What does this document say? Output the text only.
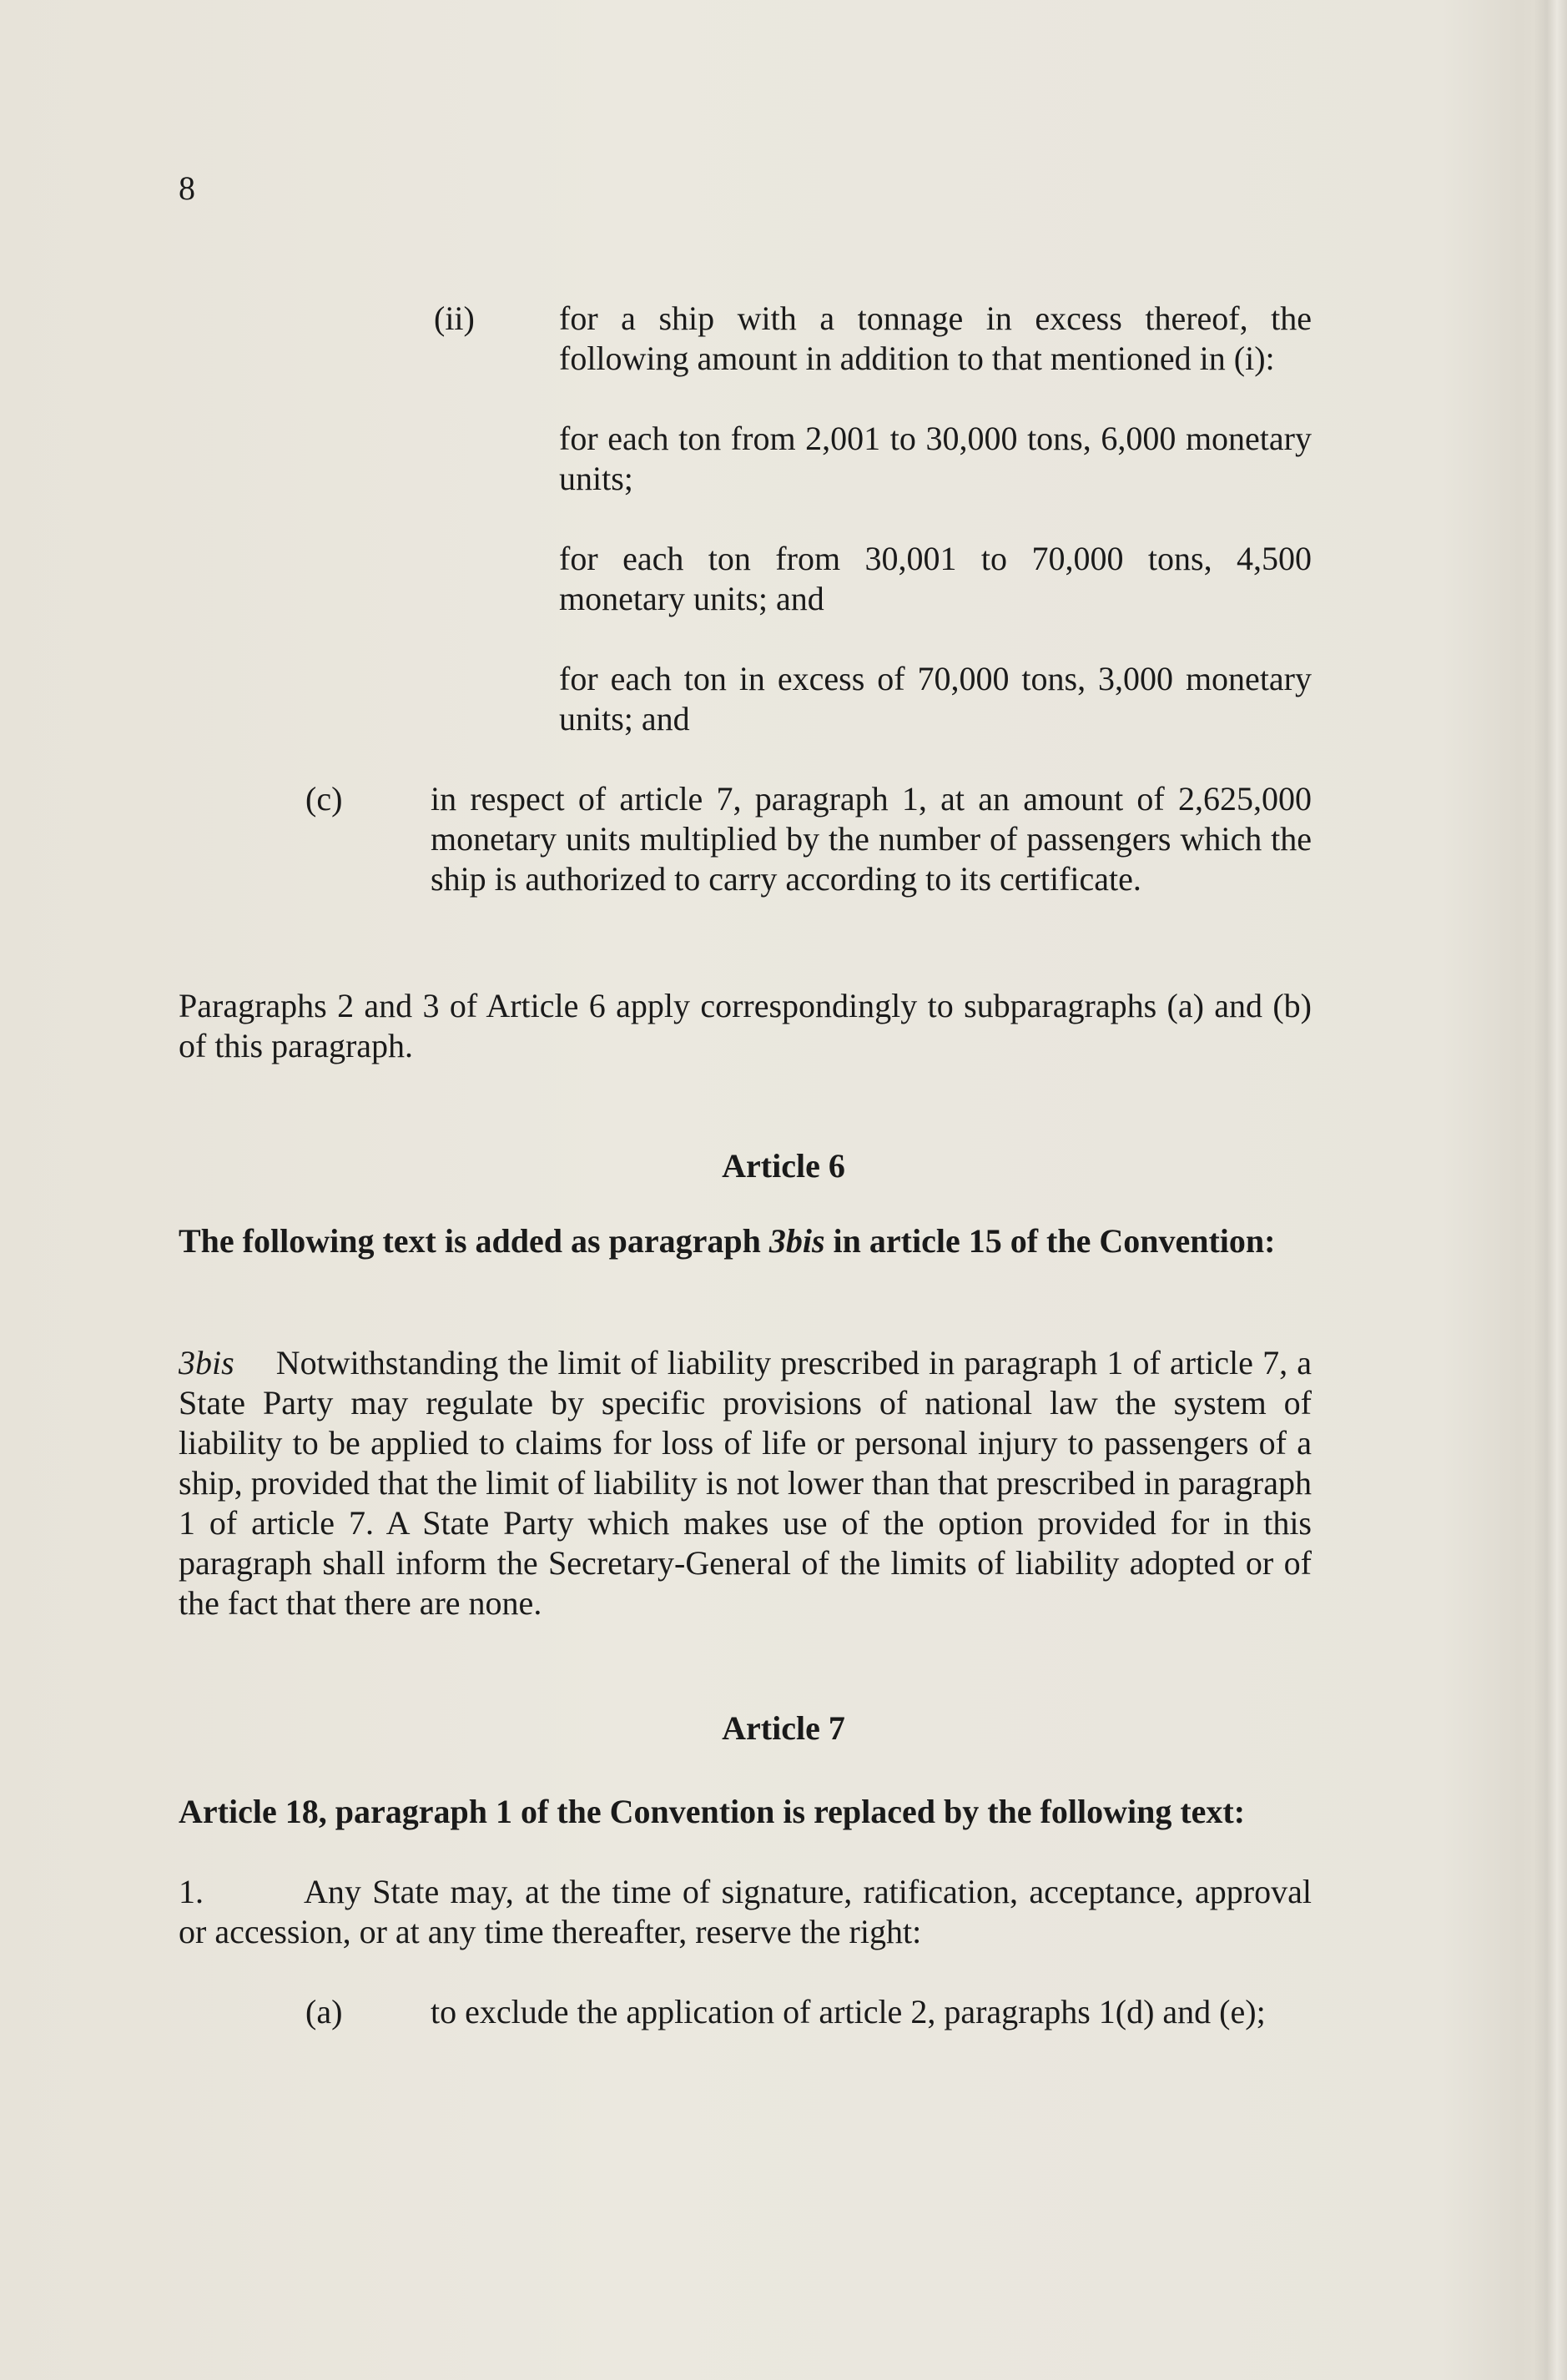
8
(ii)	for a ship with a tonnage in excess thereof, the following amount in addition to that mentioned in (i):

for each ton from 2,001 to 30,000 tons, 6,000 monetary units;

for each ton from 30,001 to 70,000 tons, 4,500 monetary units; and

for each ton in excess of 70,000 tons, 3,000 monetary units; and

(c)	in respect of article 7, paragraph 1, at an amount of 2,625,000 monetary units multiplied by the number of passengers which the ship is authorized to carry according to its certificate.

Paragraphs 2 and 3 of Article 6 apply correspondingly to subparagraphs (a) and (b) of this paragraph.

Article 6

The following text is added as paragraph 3bis in article 15 of the Convention:

3bis Notwithstanding the limit of liability prescribed in paragraph 1 of article 7, a State Party may regulate by specific provisions of national law the system of liability to be applied to claims for loss of life or personal injury to passengers of a ship, provided that the limit of liability is not lower than that prescribed in paragraph 1 of article 7. A State Party which makes use of the option provided for in this paragraph shall inform the Secretary-General of the limits of liability adopted or of the fact that there are none.

Article 7

Article 18, paragraph 1 of the Convention is replaced by the following text:

1.	Any State may, at the time of signature, ratification, acceptance, approval or accession, or at any time thereafter, reserve the right:

(a)	to exclude the application of article 2, paragraphs 1(d) and (e);
